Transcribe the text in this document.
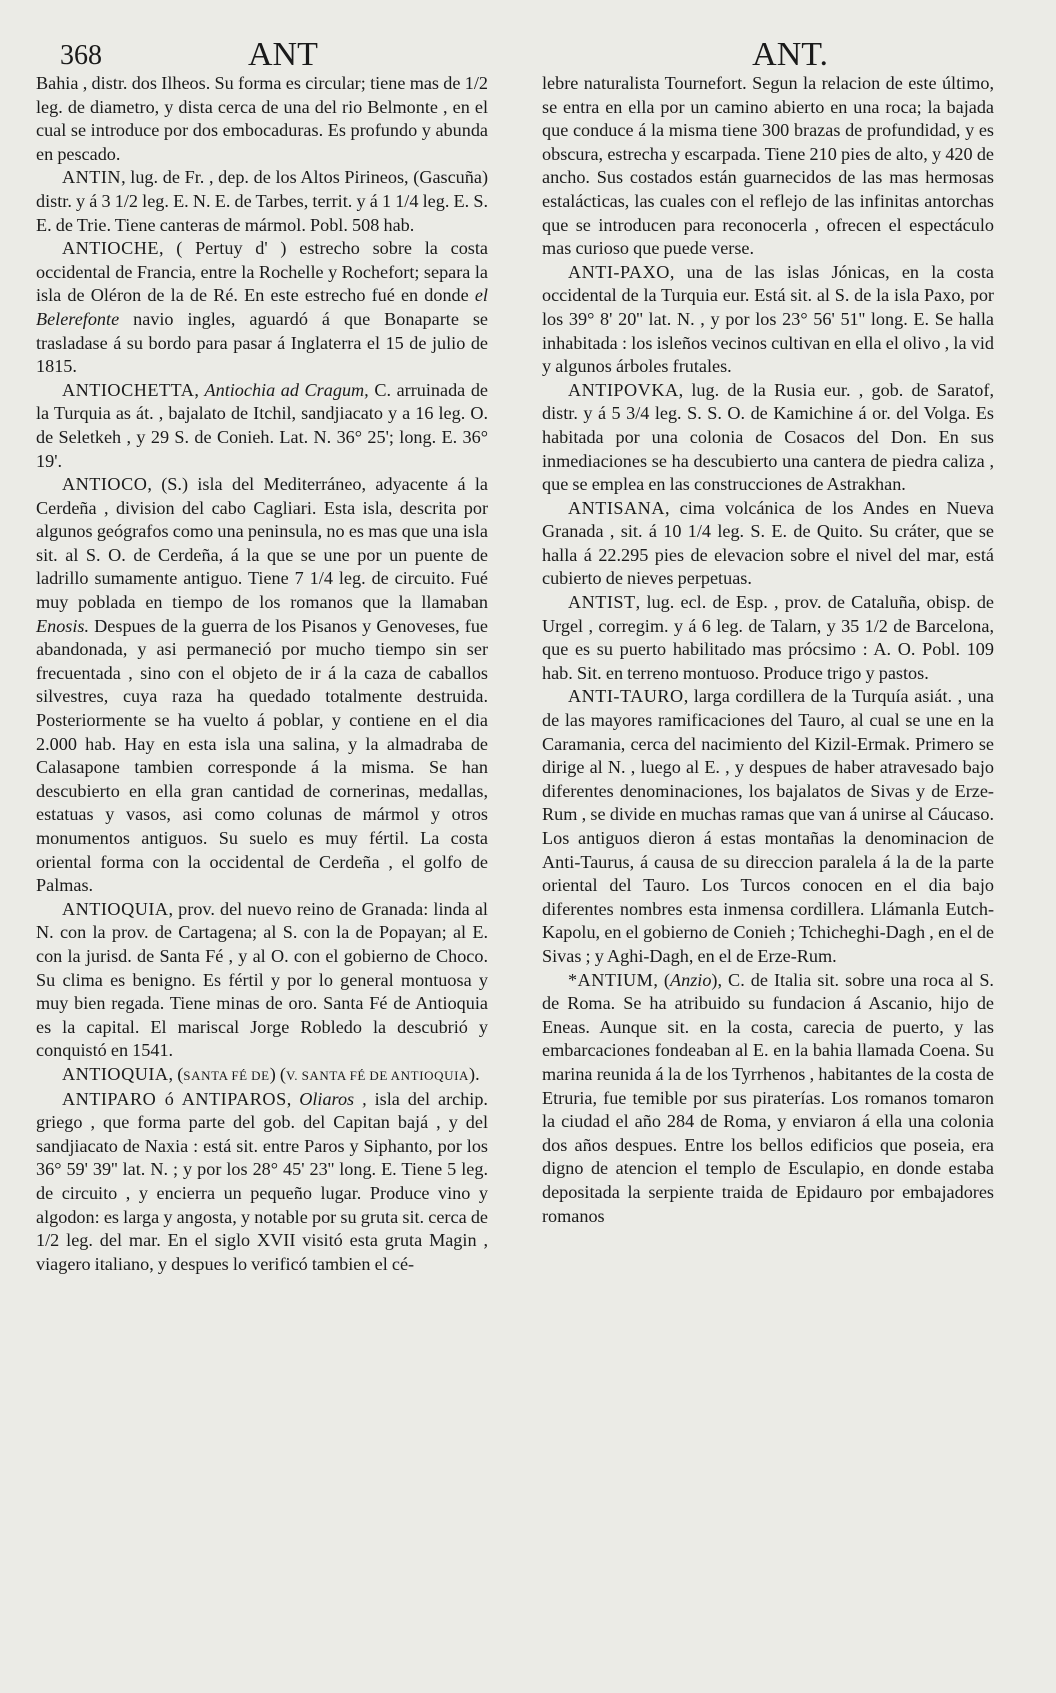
368	ANT	ANT.

Bahia , distr. dos Ilheos. Su forma es circular; tiene mas de 1/2 leg. de diametro, y dista cerca de una del rio Belmonte , en el cual se introduce por dos embocaduras. Es profundo y abunda en pescado.

ANTIN, lug. de Fr. , dep. de los Altos Pirineos, (Gascuña) distr. y á 3 1/2 leg. E. N. E. de Tarbes, territ. y á 1 1/4 leg. E. S. E. de Trie. Tiene canteras de mármol. Pobl. 508 hab.

ANTIOCHE, ( Pertuy d' ) estrecho sobre la costa occidental de Francia, entre la Rochelle y Rochefort; separa la isla de Oléron de la de Ré. En este estrecho fué en donde el Belerefonte navio ingles, aguardó á que Bonaparte se trasladase á su bordo para pasar á Inglaterra el 15 de julio de 1815.

ANTIOCHETTA, Antiochia ad Cragum, C. arruinada de la Turquia as át. , bajalato de Itchil, sandjiacato y a 16 leg. O. de Seletkeh , y 29 S. de Conieh. Lat. N. 36° 25'; long. E. 36° 19'.

ANTIOCO, (S.) isla del Mediterráneo, adyacente á la Cerdeña , division del cabo Cagliari. Esta isla, descrita por algunos geógrafos como una peninsula, no es mas que una isla sit. al S. O. de Cerdeña, á la que se une por un puente de ladrillo sumamente antiguo. Tiene 7 1/4 leg. de circuito. Fué muy poblada en tiempo de los romanos que la llamaban Enosis. Despues de la guerra de los Pisanos y Genoveses, fue abandonada, y asi permaneció por mucho tiempo sin ser frecuentada , sino con el objeto de ir á la caza de caballos silvestres, cuya raza ha quedado totalmente destruida. Posteriormente se ha vuelto á poblar, y contiene en el dia 2.000 hab. Hay en esta isla una salina, y la almadraba de Calasapone tambien corresponde á la misma. Se han descubierto en ella gran cantidad de cornerinas, medallas, estatuas y vasos, asi como colunas de mármol y otros monumentos antiguos. Su suelo es muy fértil. La costa oriental forma con la occidental de Cerdeña , el golfo de Palmas.

ANTIOQUIA, prov. del nuevo reino de Granada: linda al N. con la prov. de Cartagena; al S. con la de Popayan; al E. con la jurisd. de Santa Fé , y al O. con el gobierno de Choco. Su clima es benigno. Es fértil y por lo general montuosa y muy bien regada. Tiene minas de oro. Santa Fé de Antioquia es la capital. El mariscal Jorge Robledo la descubrió y conquistó en 1541.

ANTIOQUIA, (SANTA FÉ DE) (V. SANTA FÉ DE ANTIOQUIA).

ANTIPARO ó ANTIPAROS, Oliaros , isla del archip. griego , que forma parte del gob. del Capitan bajá , y del sandjiacato de Naxia : está sit. entre Paros y Siphanto, por los 36° 59' 39'' lat. N. ; y por los 28° 45' 23'' long. E. Tiene 5 leg. de circuito , y encierra un pequeño lugar. Produce vino y algodon: es larga y angosta, y notable por su gruta sit. cerca de 1/2 leg. del mar. En el siglo XVII visitó esta gruta Magin , viagero italiano, y despues lo verificó tambien el cé-

lebre naturalista Tournefort. Segun la relacion de este último, se entra en ella por un camino abierto en una roca; la bajada que conduce á la misma tiene 300 brazas de profundidad, y es obscura, estrecha y escarpada. Tiene 210 pies de alto, y 420 de ancho. Sus costados están guarnecidos de las mas hermosas estalácticas, las cuales con el reflejo de las infinitas antorchas que se introducen para reconocerla , ofrecen el espectáculo mas curioso que puede verse.

ANTI-PAXO, una de las islas Jónicas, en la costa occidental de la Turquia eur. Está sit. al S. de la isla Paxo, por los 39° 8' 20'' lat. N. , y por los 23° 56' 51'' long. E. Se halla inhabitada : los isleños vecinos cultivan en ella el olivo , la vid y algunos árboles frutales.

ANTIPOVKA, lug. de la Rusia eur. , gob. de Saratof, distr. y á 5 3/4 leg. S. S. O. de Kamichine á or. del Volga. Es habitada por una colonia de Cosacos del Don. En sus inmediaciones se ha descubierto una cantera de piedra caliza , que se emplea en las construcciones de Astrakhan.

ANTISANA, cima volcánica de los Andes en Nueva Granada , sit. á 10 1/4 leg. S. E. de Quito. Su cráter, que se halla á 22.295 pies de elevacion sobre el nivel del mar, está cubierto de nieves perpetuas.

ANTIST, lug. ecl. de Esp. , prov. de Cataluña, obisp. de Urgel , corregim. y á 6 leg. de Talarn, y 35 1/2 de Barcelona, que es su puerto habilitado mas prócsimo : A. O. Pobl. 109 hab. Sit. en terreno montuoso. Produce trigo y pastos.

ANTI-TAURO, larga cordillera de la Turquía asiát. , una de las mayores ramificaciones del Tauro, al cual se une en la Caramania, cerca del nacimiento del Kizil-Ermak. Primero se dirige al N. , luego al E. , y despues de haber atravesado bajo diferentes denominaciones, los bajalatos de Sivas y de Erze-Rum , se divide en muchas ramas que van á unirse al Cáucaso. Los antiguos dieron á estas montañas la denominacion de Anti-Taurus, á causa de su direccion paralela á la de la parte oriental del Tauro. Los Turcos conocen en el dia bajo diferentes nombres esta inmensa cordillera. Llámanla Eutch-Kapolu, en el gobierno de Conieh ; Tchicheghi-Dagh , en el de Sivas ; y Aghi-Dagh, en el de Erze-Rum.

*ANTIUM, (Anzio), C. de Italia sit. sobre una roca al S. de Roma. Se ha atribuido su fundacion á Ascanio, hijo de Eneas. Aunque sit. en la costa, carecia de puerto, y las embarcaciones fondeaban al E. en la bahia llamada Coena. Su marina reunida á la de los Tyrrhenos , habitantes de la costa de Etruria, fue temible por sus piraterías. Los romanos tomaron la ciudad el año 284 de Roma, y enviaron á ella una colonia dos años despues. Entre los bellos edificios que poseia, era digno de atencion el templo de Esculapio, en donde estaba depositada la serpiente traida de Epidauro por embajadores romanos
